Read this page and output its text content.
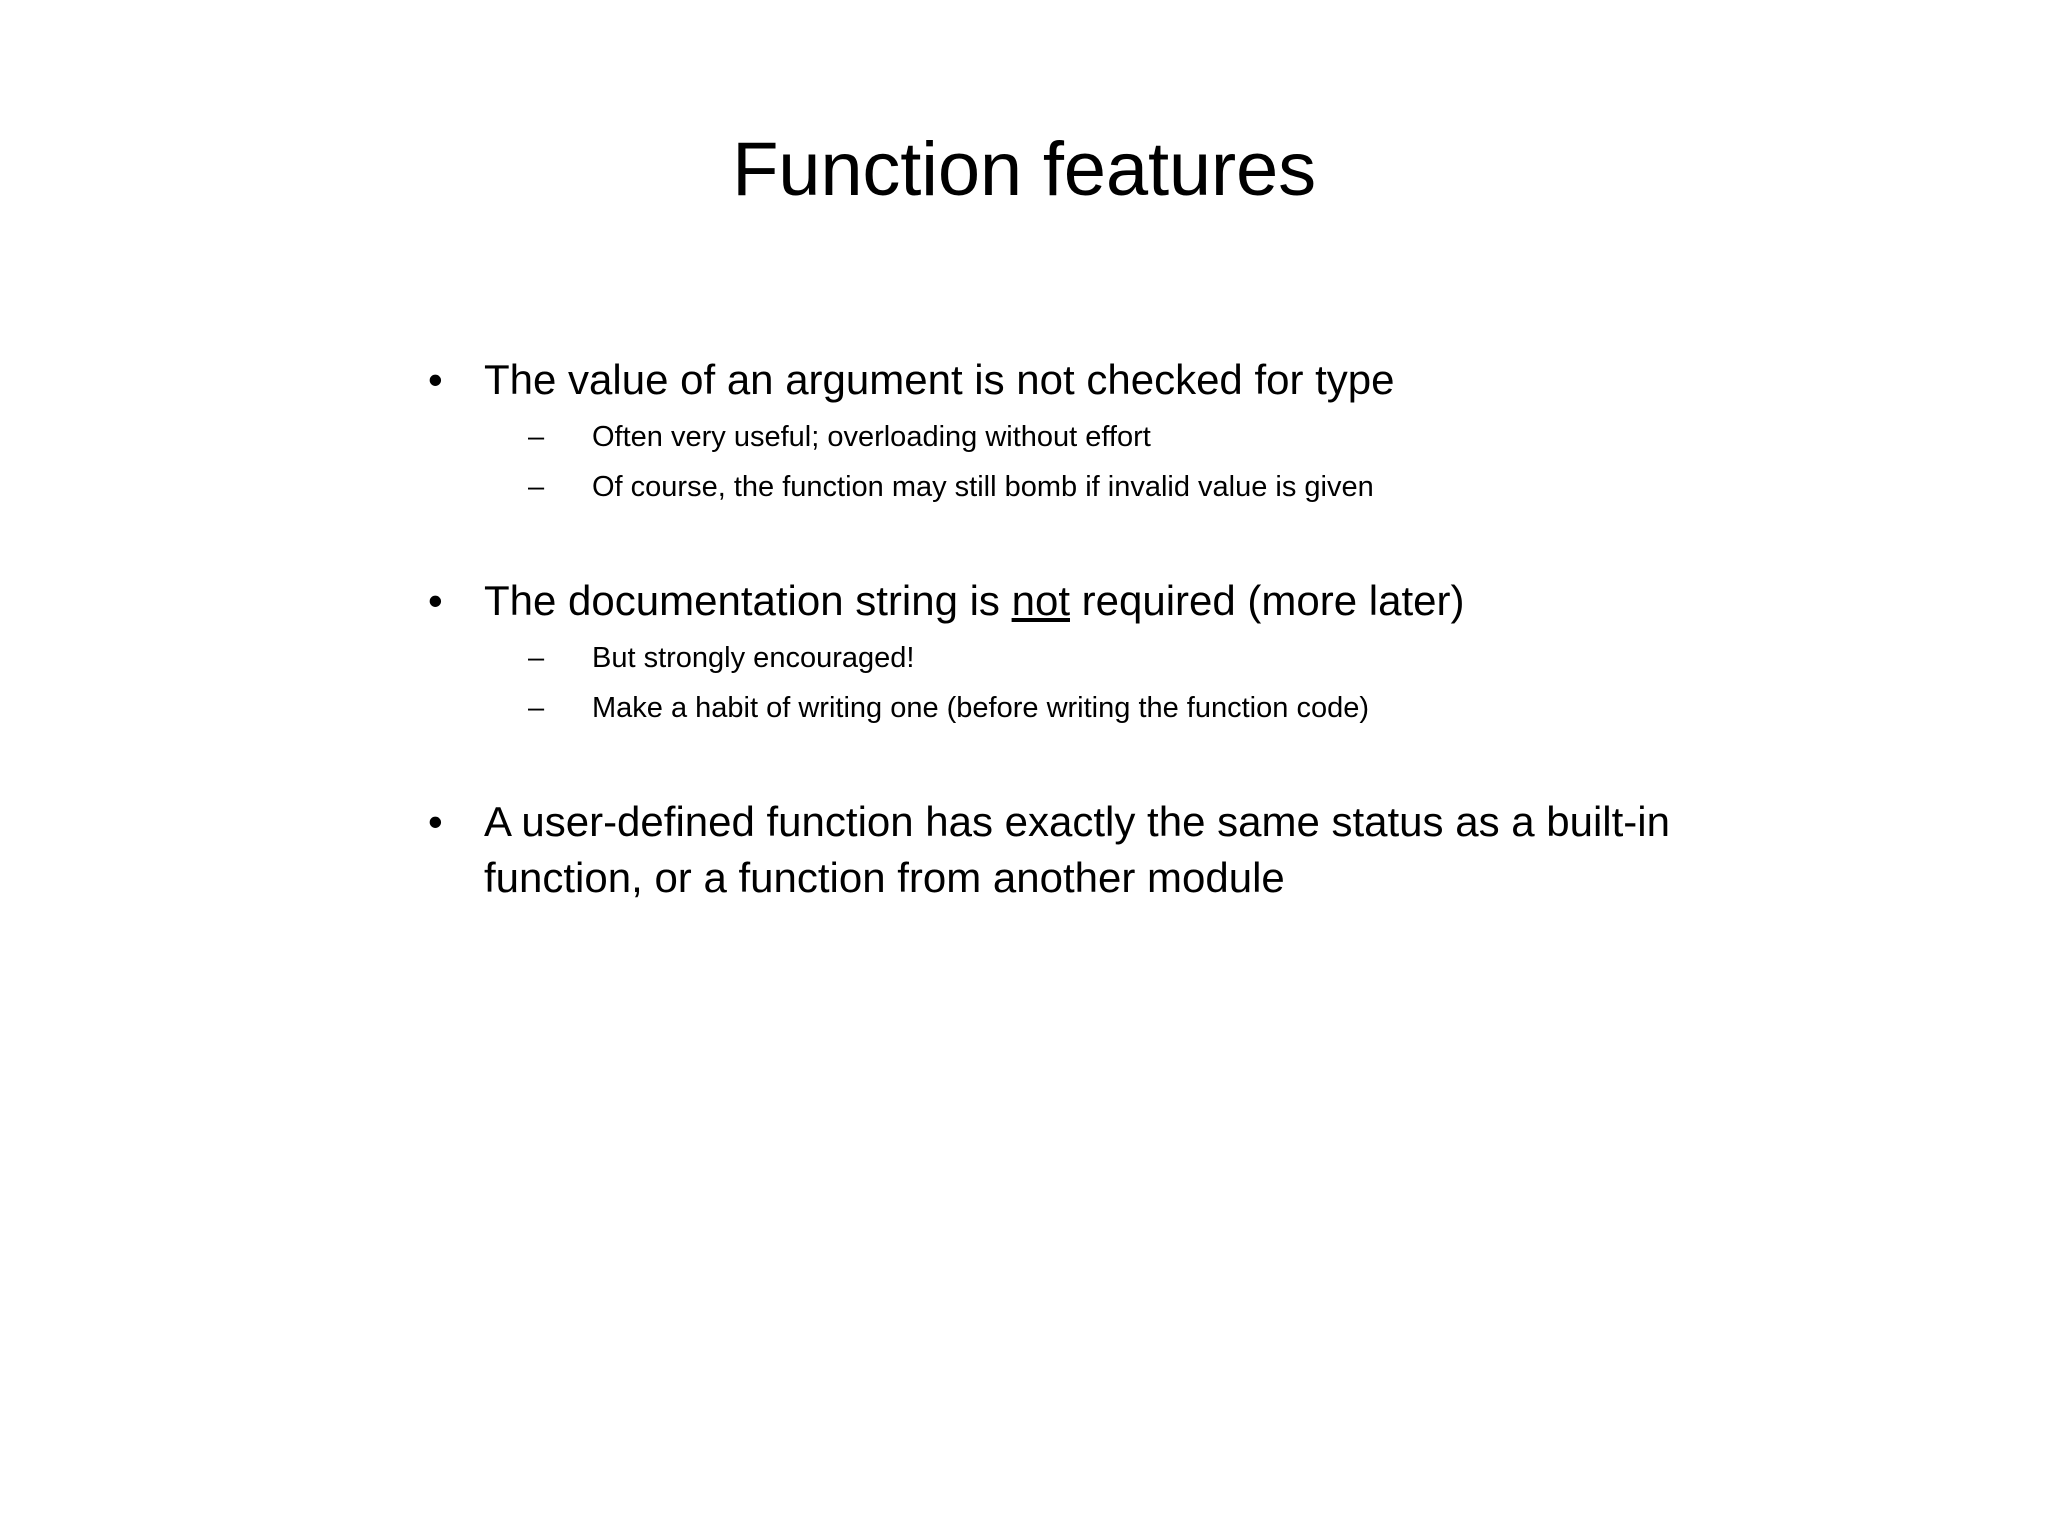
Function features
• The value of an argument is not checked for type
–	Often very useful; overloading without effort
–	Of course, the function may still bomb if invalid value is given
• The documentation string is not required (more later)
–	But strongly encouraged!
–	Make a habit of writing one (before writing the function code)
• A user-defined function has exactly the same status as a built-in function, or a function from another module
